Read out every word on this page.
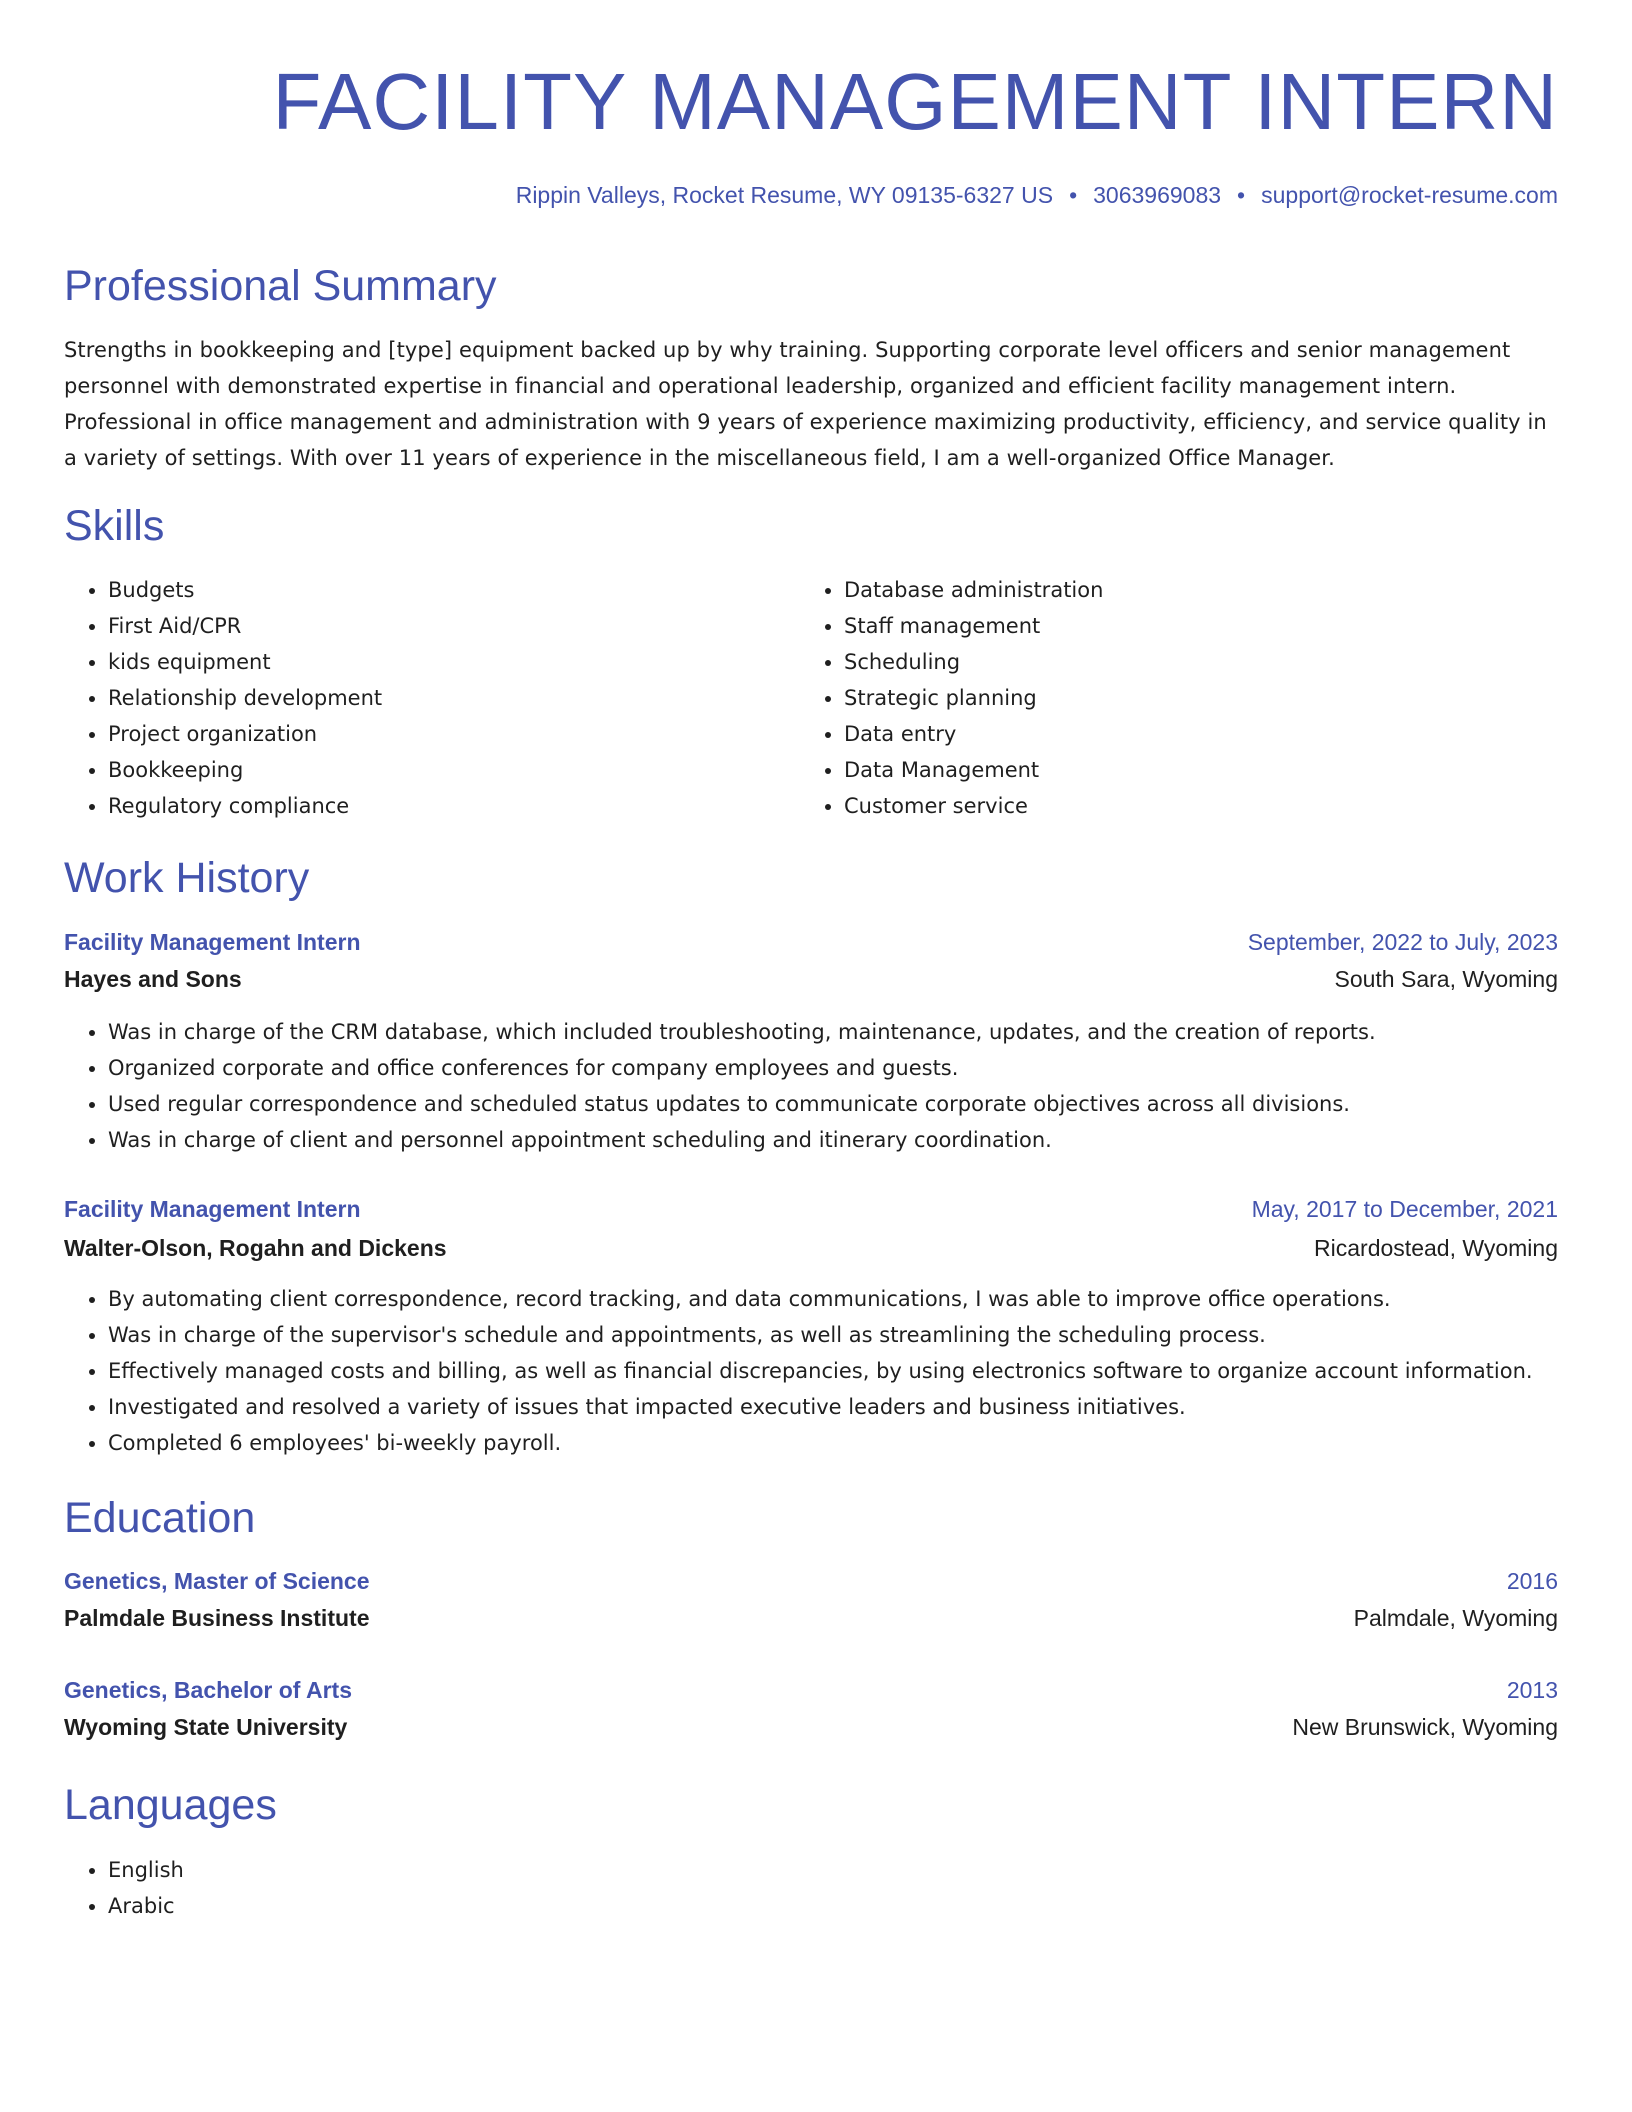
FACILITY MANAGEMENT INTERN
Rippin Valleys, Rocket Resume, WY 09135-6327 US • 3063969083 • support@rocket-resume.com
Professional Summary

Strengths in bookkeeping and [type] equipment backed up by why training. Supporting corporate level officers and senior management personnel with demonstrated expertise in financial and operational leadership, organized and efficient facility management intern. Professional in office management and administration with 9 years of experience maximizing productivity, efficiency, and service quality in a variety of settings. With over 11 years of experience in the miscellaneous field, I am a well-organized Office Manager.

Skills
• Budgets
• First Aid/CPR
• kids equipment
• Relationship development
• Project organization
• Bookkeeping
• Regulatory compliance
• Database administration
• Staff management
• Scheduling
• Strategic planning
• Data entry
• Data Management
• Customer service
Work History
Facility Management Intern	September, 2022 to July, 2023
Hayes and Sons	South Sara, Wyoming
• Was in charge of the CRM database, which included troubleshooting, maintenance, updates, and the creation of reports.
• Organized corporate and office conferences for company employees and guests.
• Used regular correspondence and scheduled status updates to communicate corporate objectives across all divisions.
• Was in charge of client and personnel appointment scheduling and itinerary coordination.
Facility Management Intern	May, 2017 to December, 2021
Walter-Olson, Rogahn and Dickens	Ricardostead, Wyoming
• By automating client correspondence, record tracking, and data communications, I was able to improve office operations.
• Was in charge of the supervisor's schedule and appointments, as well as streamlining the scheduling process.
• Effectively managed costs and billing, as well as financial discrepancies, by using electronics software to organize account information.
• Investigated and resolved a variety of issues that impacted executive leaders and business initiatives.
• Completed 6 employees' bi-weekly payroll.
Education
Genetics, Master of Science	2016
Palmdale Business Institute	Palmdale, Wyoming
Genetics, Bachelor of Arts	2013
Wyoming State University	New Brunswick, Wyoming
Languages
• English
• Arabic
